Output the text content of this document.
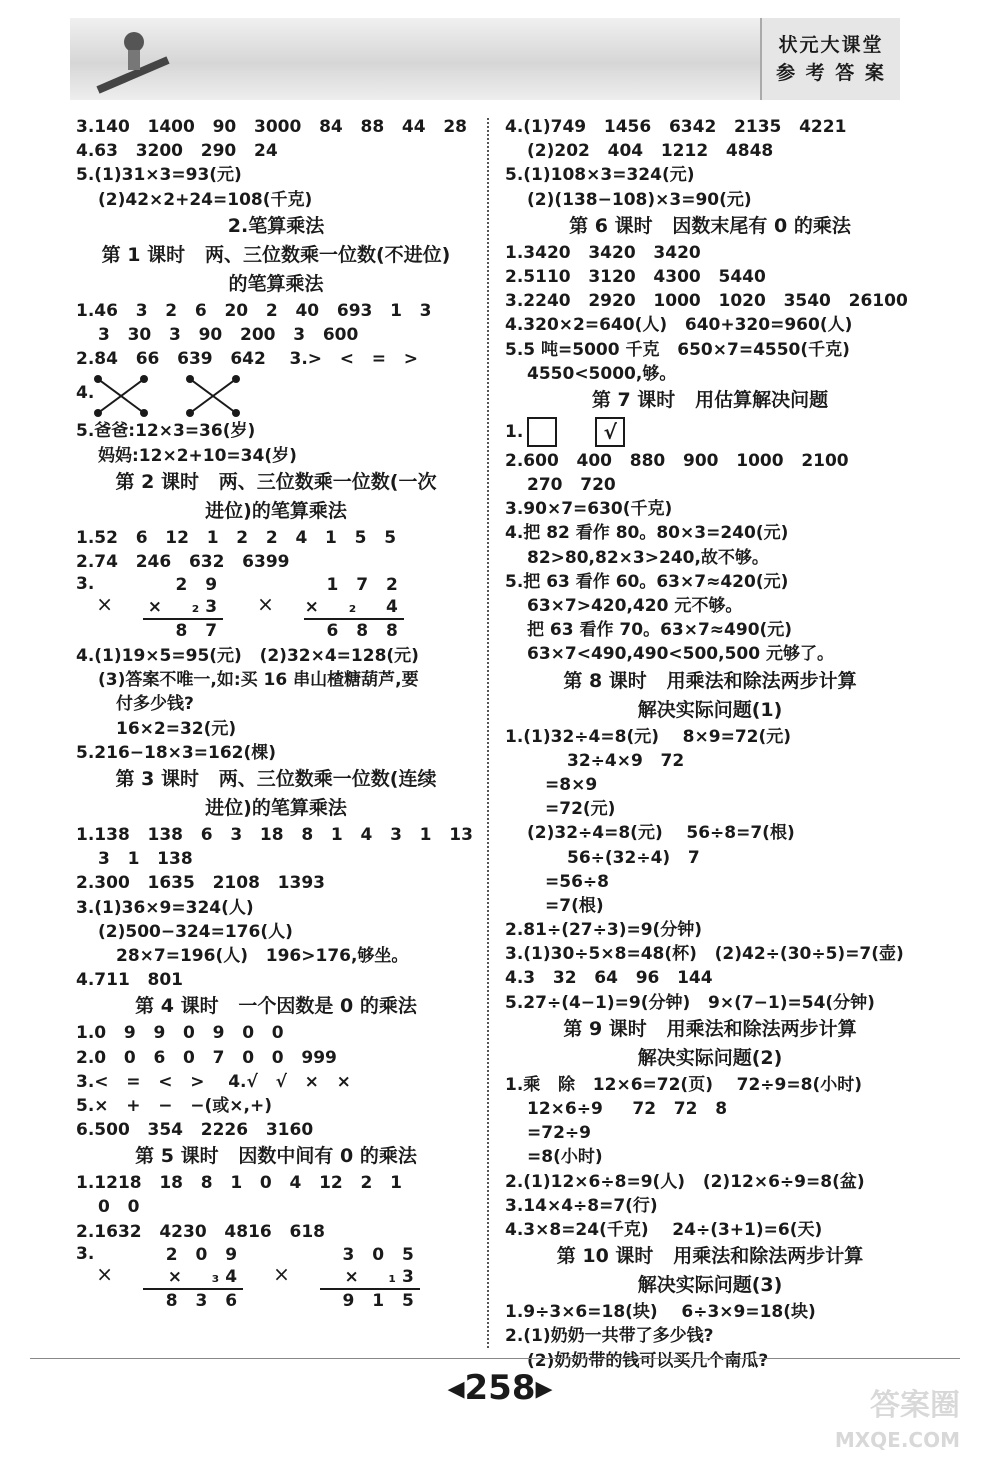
状元大课堂
参 考 答 案
3.140   1400   90   3000   84   88   44   28
4.63   3200   290   24
5.(1)31×3=93(元)
(2)42×2+24=108(千克)
2.笔算乘法
第 1 课时   两、三位数乘一位数(不进位)
的笔算乘法
1.46   3   2   6   20   2   40   693   1   3
3   30   3   90   200   3   600
2.84   66   639   642    3.>   <   =   >
4.
5.爸爸:12×3=36(岁)
妈妈:12×2+10=34(岁)
第 2 课时   两、三位数乘一位数(一次
进位)的笔算乘法
1.52   6   12   1   2   2   4   1   5   5
2.74   246   632   6399
3.
×
2 9
×  ₂3
8 7
×
1 7 2
×  ₂  4
6 8 8
4.(1)19×5=95(元)   (2)32×4=128(元)
(3)答案不唯一,如:买 16 串山楂糖葫芦,要
付多少钱?
16×2=32(元)
5.216−18×3=162(棵)
第 3 课时   两、三位数乘一位数(连续
进位)的笔算乘法
1.138   138   6   3   18   8   1   4   3   1   13
3   1   138
2.300   1635   2108   1393
3.(1)36×9=324(人)
(2)500−324=176(人)
28×7=196(人)   196>176,够坐。
4.711   801
第 4 课时   一个因数是 0 的乘法
1.0   9   9   0   9   0   0
2.0   0   6   0   7   0   0   999
3.<   =   <   >    4.√   √   ×   ×
5.×   +   −   −(或×,+)
6.500   354   2226   3160
第 5 课时   因数中间有 0 的乘法
1.1218   18   8   1   0   4   12   2   1
0   0
2.1632   4230   4816   618
3.
×
2 0 9
×  ₃4
8 3 6
×
3 0 5
×  ₁3
9 1 5
4.(1)749   1456   6342   2135   4221
(2)202   404   1212   4848
5.(1)108×3=324(元)
(2)(138−108)×3=90(元)
第 6 课时   因数末尾有 0 的乘法
1.3420   3420   3420
2.5110   3120   4300   5440
3.2240   2920   1000   1020   3540   26100
4.320×2=640(人)   640+320=960(人)
5.5 吨=5000 千克   650×7=4550(千克)
4550<5000,够。
第 7 课时   用估算解决问题
1.	√
2.600   400   880   900   1000   2100
270   720
3.90×7=630(千克)
4.把 82 看作 80。80×3=240(元)
82>80,82×3>240,故不够。
5.把 63 看作 60。63×7≈420(元)
63×7>420,420 元不够。
把 63 看作 70。63×7≈490(元)
63×7<490,490<500,500 元够了。
第 8 课时   用乘法和除法两步计算
解决实际问题(1)
1.(1)32÷4=8(元)    8×9=72(元)
32÷4×9   72
=8×9
=72(元)
(2)32÷4=8(元)    56÷8=7(根)
56÷(32÷4)   7
=56÷8
=7(根)
2.81÷(27÷3)=9(分钟)
3.(1)30÷5×8=48(杯)   (2)42÷(30÷5)=7(壶)
4.3   32   64   96   144
5.27÷(4−1)=9(分钟)   9×(7−1)=54(分钟)
第 9 课时   用乘法和除法两步计算
解决实际问题(2)
1.乘   除   12×6=72(页)    72÷9=8(小时)
12×6÷9     72   72   8
=72÷9
=8(小时)
2.(1)12×6÷8=9(人)   (2)12×6÷9=8(盆)
3.14×4÷8=7(行)
4.3×8=24(千克)    24÷(3+1)=6(天)
第 10 课时   用乘法和除法两步计算
解决实际问题(3)
1.9÷3×6=18(块)    6÷3×9=18(块)
2.(1)奶奶一共带了多少钱?
(2)奶奶带的钱可以买几个南瓜?
◂258▸	答案圈
MXQE.COM
